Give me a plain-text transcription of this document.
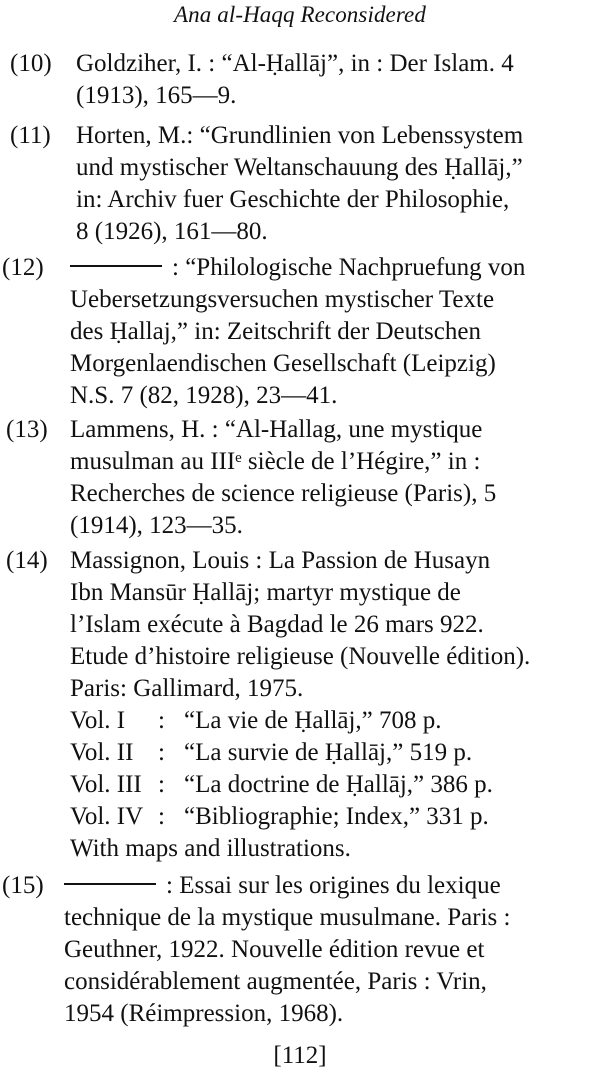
Ana al-Haqq Reconsidered
(10) Goldziher, I. : “Al-Ḥallāj”, in : Der Islam. 4
(1913), 165—9.
(11) Horten, M.: “Grundlinien von Lebenssystem
und mystischer Weltanschauung des Ḥallāj,”
in: Archiv fuer Geschichte der Philosophie,
8 (1926), 161—80.
(12)	: “Philologische Nachpruefung von
Uebersetzungsversuchen mystischer Texte
des Ḥallaj,” in: Zeitschrift der Deutschen
Morgenlaendischen Gesellschaft (Leipzig)
N.S. 7 (82, 1928), 23—41.
(13) Lammens, H. : “Al-Hallag, une mystique
musulman au IIIᵉ siècle de l’Hégire,” in :
Recherches de science religieuse (Paris), 5
(1914), 123—35.
(14) Massignon, Louis : La Passion de Husayn
Ibn Mansūr Ḥallāj; martyr mystique de
l’Islam exécute à Bagdad le 26 mars 922.
Etude d’histoire religieuse (Nouvelle édition).
Paris: Gallimard, 1975.
Vol. I : “La vie de Ḥallāj,” 708 p.
Vol. II : “La survie de Ḥallāj,” 519 p.
Vol. III : “La doctrine de Ḥallāj,” 386 p.
Vol. IV : “Bibliographie; Index,” 331 p.
With maps and illustrations.
(15)	: Essai sur les origines du lexique
technique de la mystique musulmane. Paris :
Geuthner, 1922. Nouvelle édition revue et
considérablement augmentée, Paris : Vrin,
1954 (Réimpression, 1968).
[112]
